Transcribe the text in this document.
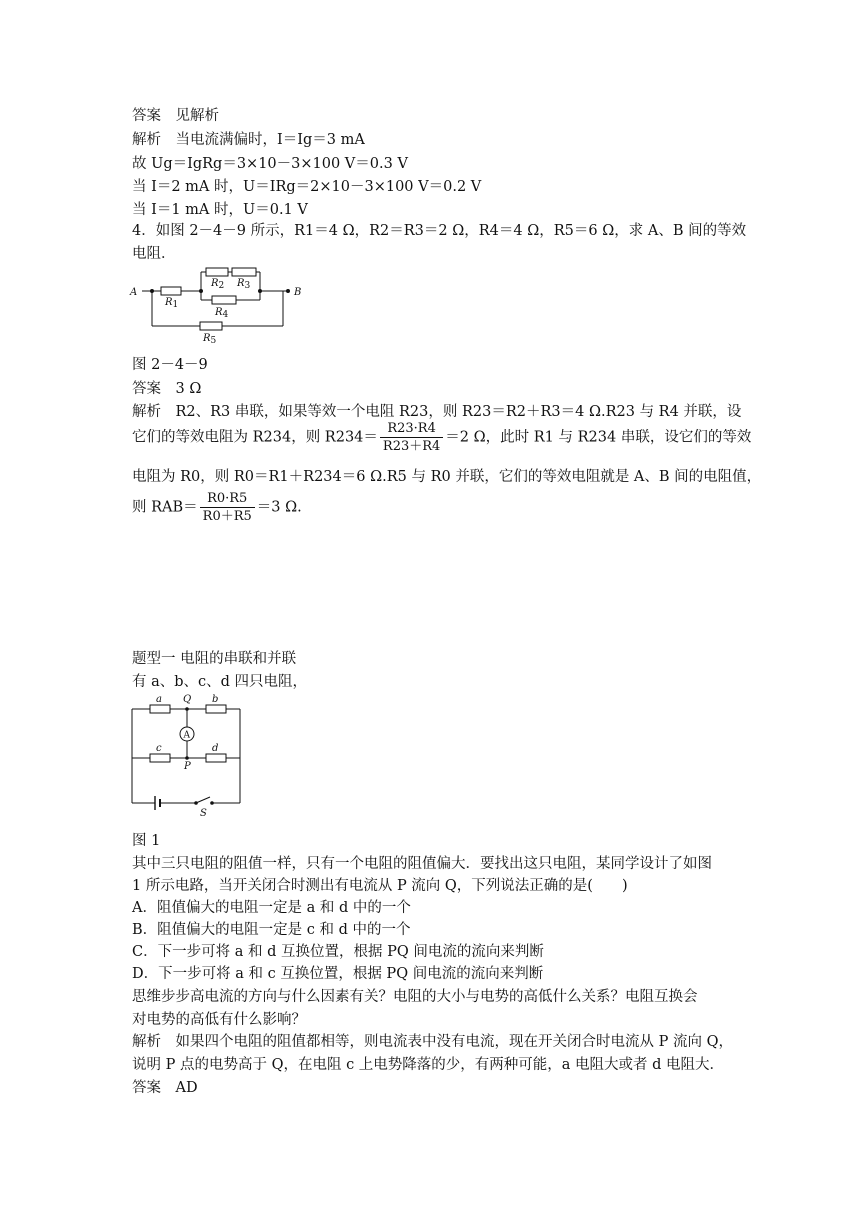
答案　见解析
解析　当电流满偏时，I＝Ig＝3 mA
故 Ug＝IgRg＝3×10－3×100 V＝0.3 V
当 I＝2 mA 时，U＝IRg＝2×10－3×100 V＝0.2 V
当 I＝1 mA 时，U＝0.1 V
4．如图 2－4－9 所示，R1＝4 Ω，R2＝R3＝2 Ω，R4＝4 Ω，R5＝6 Ω，求 A、B 间的等效
电阻．
A	B
R1
R2 R3
R4
R5
图 2－4－9
答案　3 Ω
解析　R2、R3 串联，如果等效一个电阻 R23，则 R23＝R2＋R3＝4 Ω.R23 与 R4 并联，设
它们的等效电阻为 R234，则 $R234= \frac{R23\cdot R4}{R23+R4} =2$ Ω，此时 R1 与 R234 串联，设它们的等效
电阻为 R0，则 R0＝R1＋R234＝6 Ω.R5 与 R0 并联，它们的等效电阻就是 A、B 间的电阻值，
则 $RAB= \frac{R0\cdot R5}{R0+R5} =3$ Ω.
题型一 电阻的串联和并联
有 a、b、c、d 四只电阻，
a	b
c	d
Q
P
A
S
图 1
其中三只电阻的阻值一样，只有一个电阻的阻值偏大．要找出这只电阻，某同学设计了如图
1 所示电路，当开关闭合时测出有电流从 P 流向 Q，下列说法正确的是(　　)
A．阻值偏大的电阻一定是 a 和 d 中的一个
B．阻值偏大的电阻一定是 c 和 d 中的一个
C．下一步可将 a 和 d 互换位置，根据 PQ 间电流的流向来判断
D．下一步可将 a 和 c 互换位置，根据 PQ 间电流的流向来判断
思维步步高电流的方向与什么因素有关？电阻的大小与电势的高低什么关系？电阻互换会
对电势的高低有什么影响？
解析　如果四个电阻的阻值都相等，则电流表中没有电流，现在开关闭合时电流从 P 流向 Q，
说明 P 点的电势高于 Q，在电阻 c 上电势降落的少，有两种可能，a 电阻大或者 d 电阻大．
答案　AD
